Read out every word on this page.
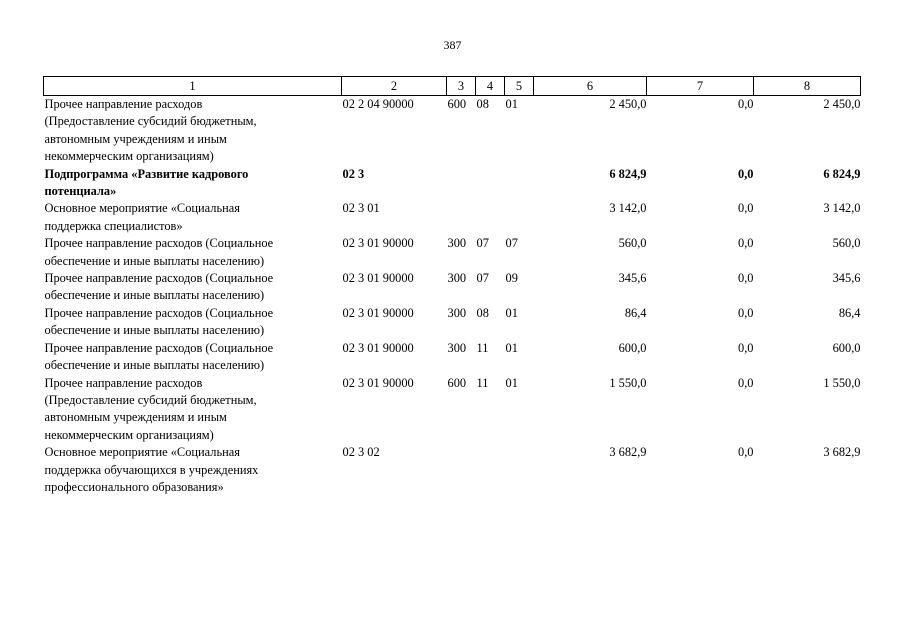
387
1	2	3	4	5	6	7	8
Прочее направление расходов
(Предоставление субсидий бюджетным,
автономным учреждениям и иным
некоммерческим организациям)	02 2 04 90000	600	08	01	2 450,0	0,0	2 450,0
Подпрограмма «Развитие кадрового
потенциала»	02 3				6 824,9	0,0	6 824,9
Основное мероприятие «Социальная
поддержка специалистов»	02 3 01				3 142,0	0,0	3 142,0
Прочее направление расходов (Социальное
обеспечение и иные выплаты населению)	02 3 01 90000	300	07	07	560,0	0,0	560,0
Прочее направление расходов (Социальное
обеспечение и иные выплаты населению)	02 3 01 90000	300	07	09	345,6	0,0	345,6
Прочее направление расходов (Социальное
обеспечение и иные выплаты населению)	02 3 01 90000	300	08	01	86,4	0,0	86,4
Прочее направление расходов (Социальное
обеспечение и иные выплаты населению)	02 3 01 90000	300	11	01	600,0	0,0	600,0
Прочее направление расходов
(Предоставление субсидий бюджетным,
автономным учреждениям и иным
некоммерческим организациям)	02 3 01 90000	600	11	01	1 550,0	0,0	1 550,0
Основное мероприятие «Социальная
поддержка обучающихся в учреждениях
профессионального образования»	02 3 02				3 682,9	0,0	3 682,9
